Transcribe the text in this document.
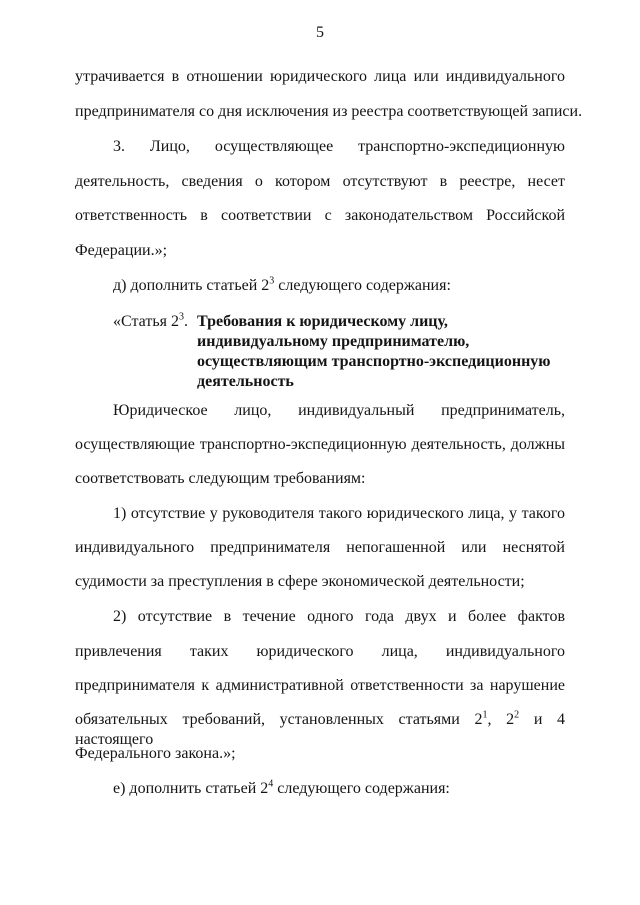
5
утрачивается в отношении юридического лица или индивидуального
предпринимателя со дня исключения из реестра соответствующей записи.
3. Лицо, осуществляющее транспортно-экспедиционную
деятельность, сведения о котором отсутствуют в реестре, несет
ответственность в соответствии с законодательством Российской
Федерации.»;
д) дополнить статьей $2^3$ следующего содержания:
«Статья $2^3$. Требования к юридическому лицу,
индивидуальному предпринимателю,
осуществляющим транспортно-экспедиционную
деятельность
Юридическое лицо, индивидуальный предприниматель,
осуществляющие транспортно-экспедиционную деятельность, должны
соответствовать следующим требованиям:
1) отсутствие у руководителя такого юридического лица, у такого
индивидуального предпринимателя непогашенной или неснятой
судимости за преступления в сфере экономической деятельности;
2) отсутствие в течение одного года двух и более фактов
привлечения таких юридического лица, индивидуального
предпринимателя к административной ответственности за нарушение
обязательных требований, установленных статьями $2^1$, $2^2$ и 4 настоящего
Федерального закона.»;
е) дополнить статьей $2^4$ следующего содержания:
